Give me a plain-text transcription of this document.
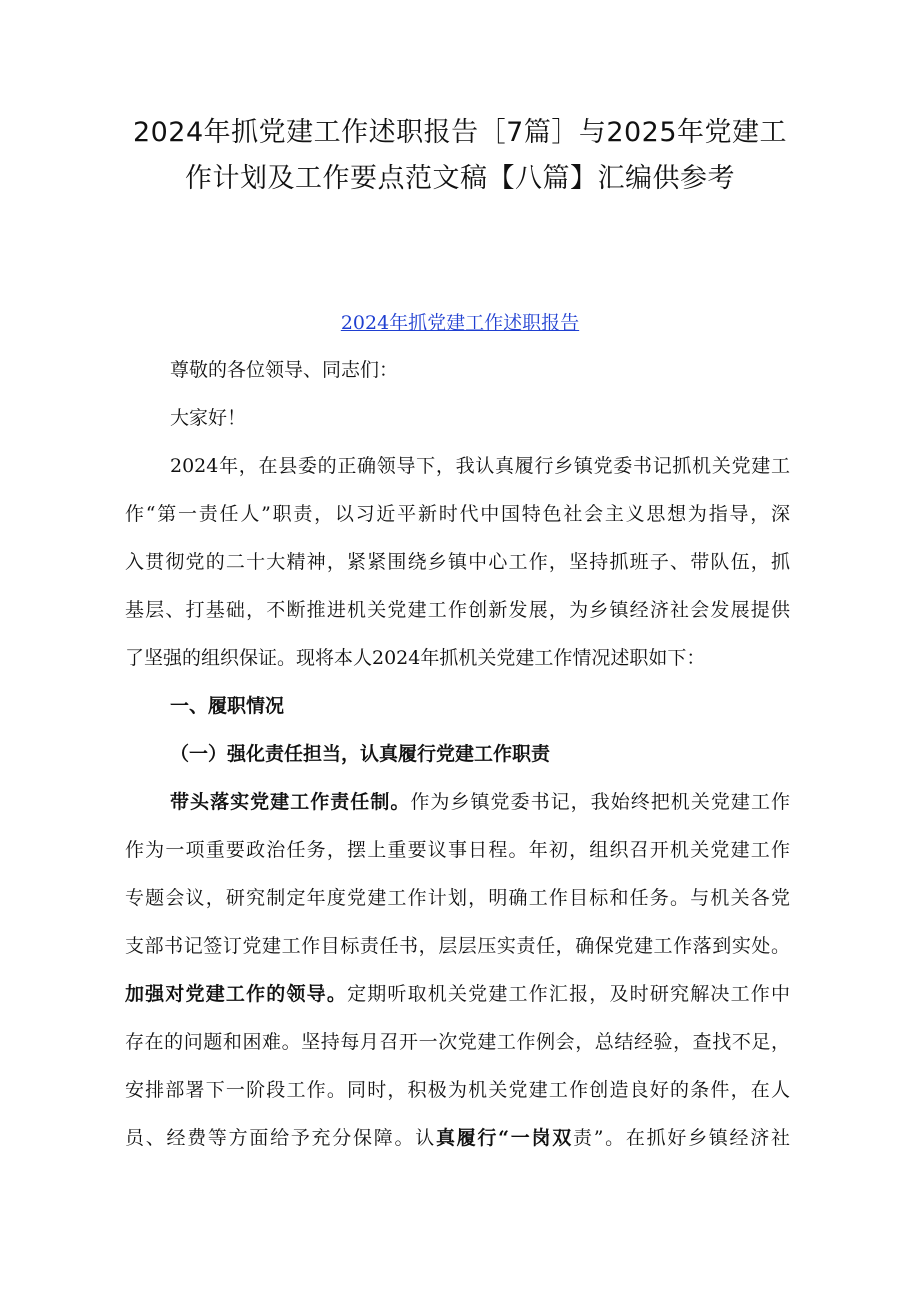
2024年抓党建工作述职报告［7篇］与2025年党建工
作计划及工作要点范文稿【八篇】汇编供参考
2024年抓党建工作述职报告
尊敬的各位领导、同志们：
大家好！
2024年，在县委的正确领导下，我认真履行乡镇党委书记抓机关党建工
作“第一责任人”职责，以习近平新时代中国特色社会主义思想为指导，深
入贯彻党的二十大精神，紧紧围绕乡镇中心工作，坚持抓班子、带队伍，抓
基层、打基础，不断推进机关党建工作创新发展，为乡镇经济社会发展提供
了坚强的组织保证。现将本人2024年抓机关党建工作情况述职如下：
一、履职情况
（一）强化责任担当，认真履行党建工作职责
带头落实党建工作责任制。作为乡镇党委书记，我始终把机关党建工作
作为一项重要政治任务，摆上重要议事日程。年初，组织召开机关党建工作
专题会议，研究制定年度党建工作计划，明确工作目标和任务。与机关各党
支部书记签订党建工作目标责任书，层层压实责任，确保党建工作落到实处。
加强对党建工作的领导。定期听取机关党建工作汇报，及时研究解决工作中
存在的问题和困难。坚持每月召开一次党建工作例会，总结经验，查找不足，
安排部署下一阶段工作。同时，积极为机关党建工作创造良好的条件，在人
员、经费等方面给予充分保障。认真履行“一岗双责”。在抓好乡镇经济社
